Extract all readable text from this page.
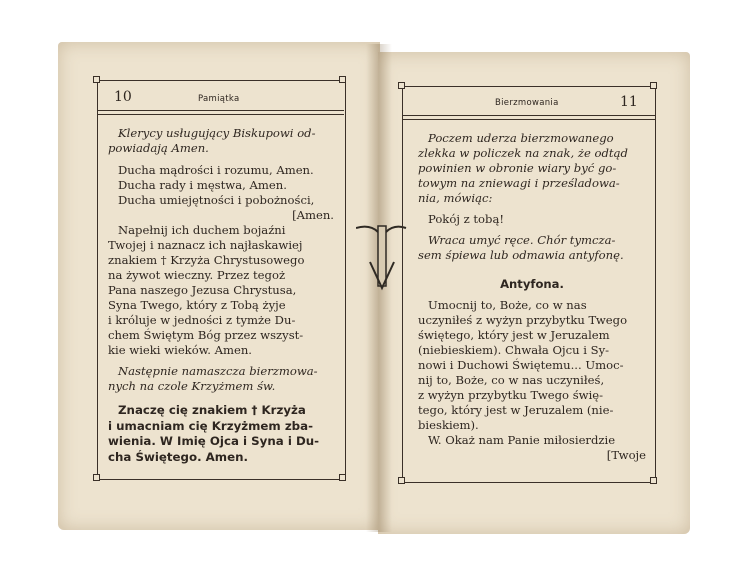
10	Pamiątka	Bierzmowania	11

Klerycy usługujący Biskupowi od-

powiadają Amen.

Ducha mądrości i rozumu, Amen.

Ducha rady i męstwa, Amen.

Ducha umiejętności i pobożności,

[Amen.

Napełnij ich duchem bojaźni

Twojej i naznacz ich najłaskawiej

znakiem † Krzyża Chrystusowego

na żywot wieczny. Przez tegoż

Pana naszego Jezusa Chrystusa,

Syna Twego, który z Tobą żyje

i króluje w jedności z tymże Du-

chem Świętym Bóg przez wszyst-

kie wieki wieków. Amen.

Następnie namaszcza bierzmowa-

nych na czole Krzyżmem św.

Znaczę cię znakiem † Krzyża

i umacniam cię Krzyżmem zba-

wienia. W Imię Ojca i Syna i Du-

cha Świętego. Amen.

Poczem uderza bierzmowanego

zlekka w policzek na znak, że odtąd

powinien w obronie wiary być go-

towym na zniewagi i prześladowa-

nia, mówiąc:

Pokój z tobą!

Wraca umyć ręce. Chór tymcza-

sem śpiewa lub odmawia antyfonę.

Antyfona.

Umocnij to, Boże, co w nas

uczyniłeś z wyżyn przybytku Twego

świętego, który jest w Jeruzalem

(niebieskiem). Chwała Ojcu i Sy-

nowi i Duchowi Świętemu... Umoc-

nij to, Boże, co w nas uczyniłeś,

z wyżyn przybytku Twego świę-

tego, który jest w Jeruzalem (nie-

bieskiem).

W. Okaż nam Panie miłosierdzie

[Twoje
